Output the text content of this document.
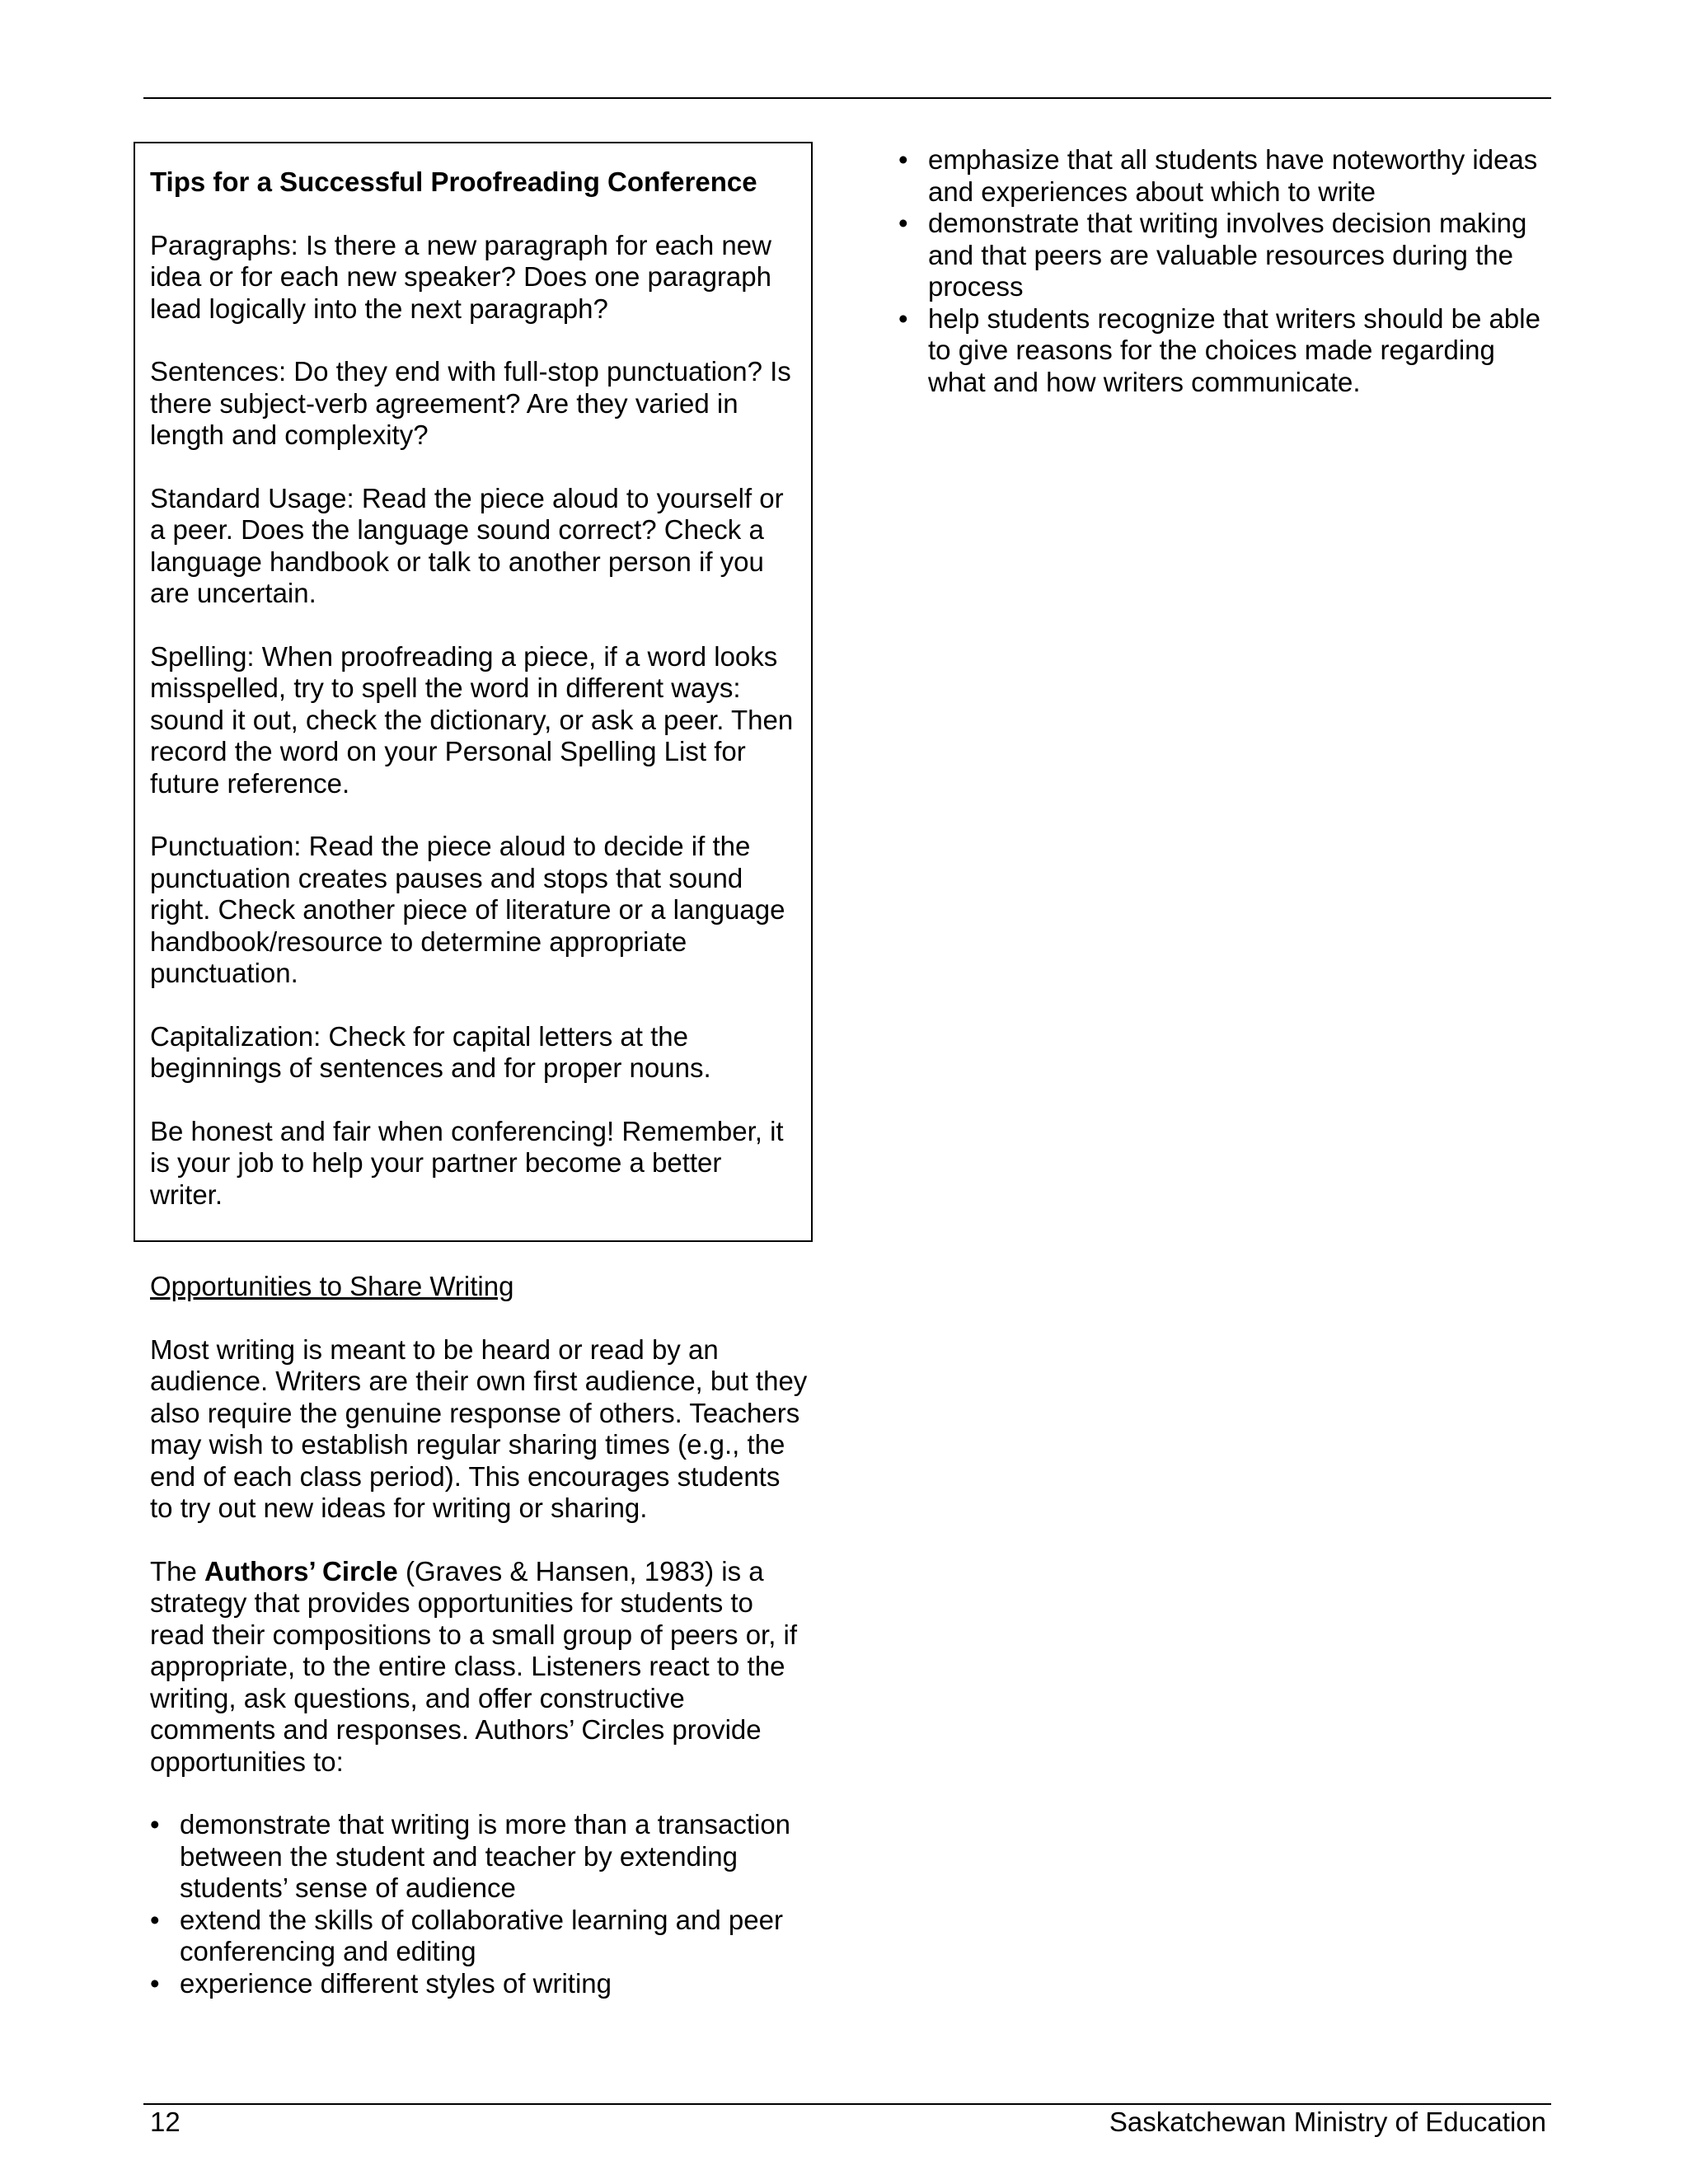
Tips for a Successful Proofreading Conference

Paragraphs: Is there a new paragraph for each new idea or for each new speaker? Does one paragraph lead logically into the next paragraph?

Sentences: Do they end with full-stop punctuation? Is there subject-verb agreement? Are they varied in length and complexity?

Standard Usage: Read the piece aloud to yourself or a peer. Does the language sound correct? Check a language handbook or talk to another person if you are uncertain.

Spelling: When proofreading a piece, if a word looks misspelled, try to spell the word in different ways: sound it out, check the dictionary, or ask a peer. Then record the word on your Personal Spelling List for future reference.

Punctuation: Read the piece aloud to decide if the punctuation creates pauses and stops that sound right. Check another piece of literature or a language handbook/resource to determine appropriate punctuation.

Capitalization: Check for capital letters at the beginnings of sentences and for proper nouns.

Be honest and fair when conferencing! Remember, it is your job to help your partner become a better writer.

Opportunities to Share Writing

Most writing is meant to be heard or read by an audience. Writers are their own first audience, but they also require the genuine response of others. Teachers may wish to establish regular sharing times (e.g., the end of each class period). This encourages students to try out new ideas for writing or sharing.

The Authors’ Circle (Graves & Hansen, 1983) is a strategy that provides opportunities for students to read their compositions to a small group of peers or, if appropriate, to the entire class. Listeners react to the writing, ask questions, and offer constructive comments and responses. Authors’ Circles provide opportunities to:

• demonstrate that writing is more than a transaction between the student and teacher by extending students’ sense of audience
• extend the skills of collaborative learning and peer conferencing and editing
• experience different styles of writing
• emphasize that all students have noteworthy ideas and experiences about which to write
• demonstrate that writing involves decision making and that peers are valuable resources during the process
• help students recognize that writers should be able to give reasons for the choices made regarding what and how writers communicate.
12	Saskatchewan Ministry of Education
